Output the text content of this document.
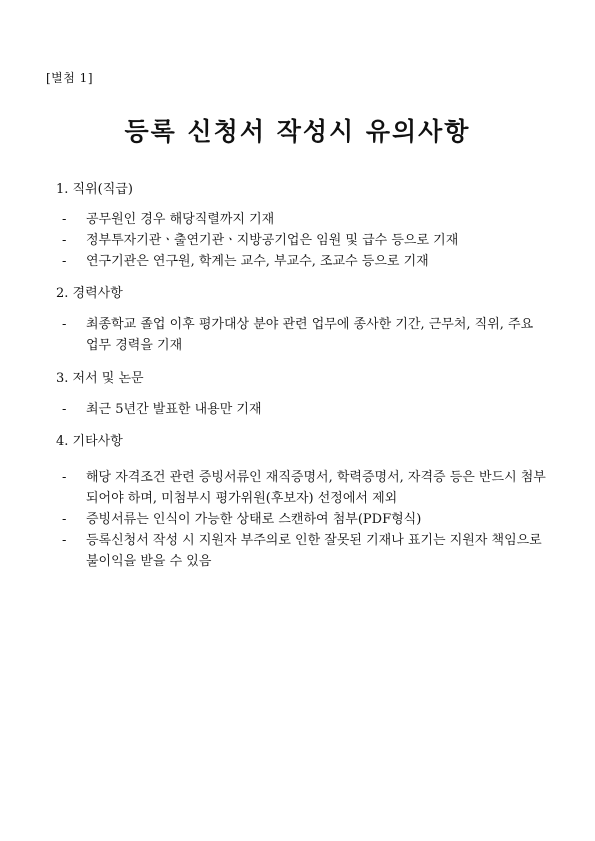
[별첨 1]
등록 신청서 작성시 유의사항

1. 직위(직급)

- 공무원인 경우 해당직렬까지 기재
- 정부투자기관ㆍ출연기관ㆍ지방공기업은 임원 및 급수 등으로 기재
- 연구기관은 연구원, 학계는 교수, 부교수, 조교수 등으로 기재

2. 경력사항

- 최종학교 졸업 이후 평가대상 분야 관련 업무에 종사한 기간, 근무처, 직위, 주요업무 경력을 기재

3. 저서 및 논문

- 최근 5년간 발표한 내용만 기재

4. 기타사항

- 해당 자격조건 관련 증빙서류인 재직증명서, 학력증명서, 자격증 등은 반드시 첨부되어야 하며, 미첨부시 평가위원(후보자) 선정에서 제외
- 증빙서류는 인식이 가능한 상태로 스캔하여 첨부(PDF형식)
- 등록신청서 작성 시 지원자 부주의로 인한 잘못된 기재나 표기는 지원자 책임으로 불이익을 받을 수 있음
